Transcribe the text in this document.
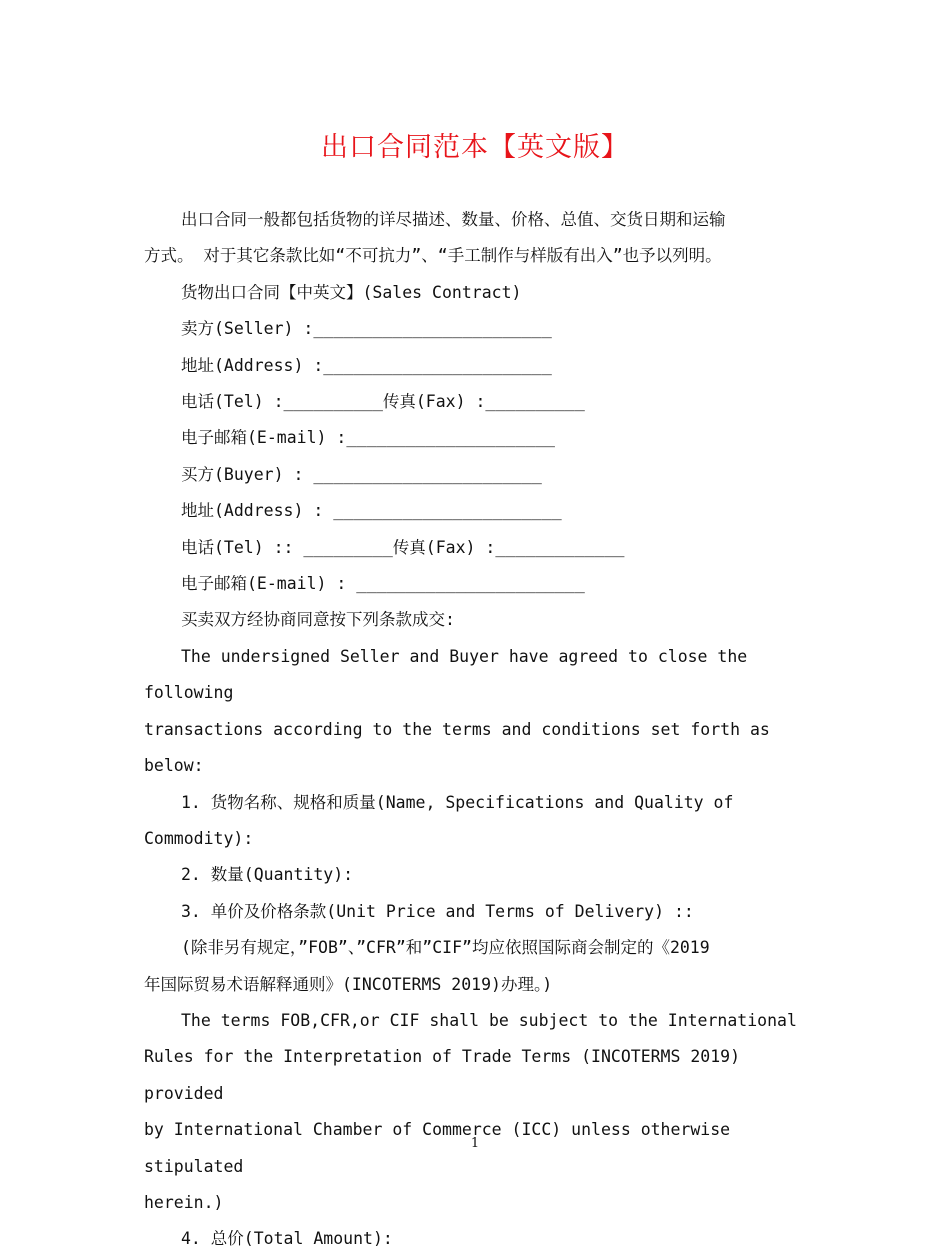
出口合同范本【英文版】

出口合同一般都包括货物的详尽描述、数量、价格、总值、交货日期和运输

方式。 对于其它条款比如“不可抗力”、“手工制作与样版有出入”也予以列明。

货物出口合同【中英文】(Sales Contract)

卖方(Seller) :________________________

地址(Address) :_______________________

电话(Tel) :__________传真(Fax) :__________

电子邮箱(E-mail) :_____________________

买方(Buyer) : _______________________

地址(Address) : _______________________

电话(Tel) :: _________传真(Fax) :_____________

电子邮箱(E-mail) : _______________________

买卖双方经协商同意按下列条款成交:

The undersigned Seller and Buyer have agreed to close the following

transactions according to the terms and conditions set forth as below:

1. 货物名称、规格和质量(Name, Specifications and Quality of

Commodity):

2. 数量(Quantity):

3. 单价及价格条款(Unit Price and Terms of Delivery) ::

(除非另有规定，”FOB”、”CFR”和”CIF”均应依照国际商会制定的《2019

年国际贸易术语解释通则》(INCOTERMS 2019)办理。)

The terms FOB,CFR,or CIF shall be subject to the International

Rules for the Interpretation of Trade Terms (INCOTERMS 2019) provided

by International Chamber of Commerce (ICC) unless otherwise stipulated

herein.)

4. 总价(Total Amount):

1
